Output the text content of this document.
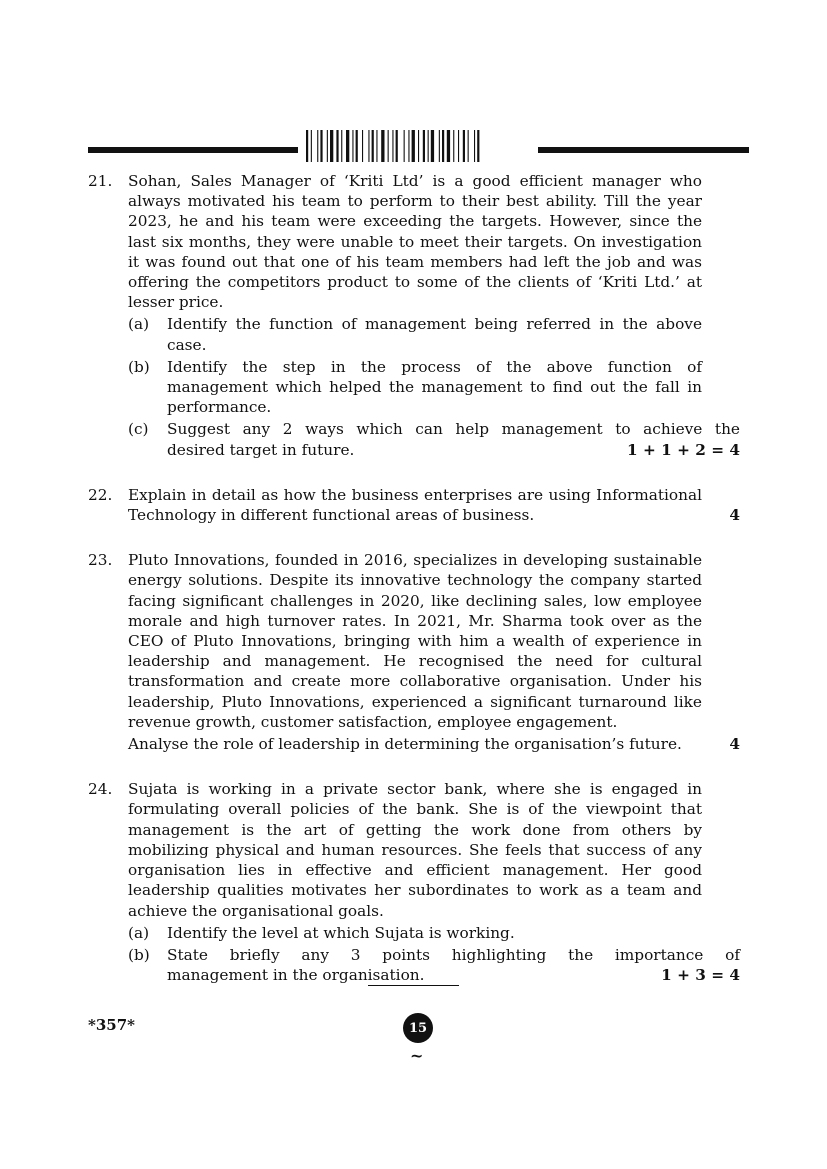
21.	Sohan, Sales Manager of ‘Kriti Ltd’ is a good efficient manager who always motivated his team to perform to their best ability. Till the year 2023, he and his team were exceeding the targets. However, since the last six months, they were unable to meet their targets. On investigation it was found out that one of his team members had left the job and was offering the competitors product to some of the clients of ‘Kriti Ltd.’ at lesser price.
(a)	Identify the function of management being referred in the above case.
(b)	Identify the step in the process of the above function of management which helped the management to find out the fall in performance.
(c)	Suggest any 2 ways which can help management to achieve the
desired target in future.	1 + 1 + 2 = 4
22.	Explain in detail as how the business enterprises are using Informational
Technology in different functional areas of business.	4
23.	Pluto Innovations, founded in 2016, specializes in developing sustainable energy solutions. Despite its innovative technology the company started facing significant challenges in 2020, like declining sales, low employee morale and high turnover rates. In 2021, Mr. Sharma took over as the CEO of Pluto Innovations, bringing with him a wealth of experience in leadership and management. He recognised the need for cultural transformation and create more collaborative organisation. Under his leadership, Pluto Innovations, experienced a significant turnaround like revenue growth, customer satisfaction, employee engagement.
Analyse the role of leadership in determining the organisation’s future.	4
24.	Sujata is working in a private sector bank, where she is engaged in formulating overall policies of the bank. She is of the viewpoint that management is the art of getting the work done from others by mobilizing physical and human resources. She feels that success of any organisation lies in effective and efficient management. Her good leadership qualities motivates her subordinates to work as a team and achieve the organisational goals.
(a)	Identify the level at which Sujata is working.
(b)	State briefly any 3 points highlighting the importance of
management in the organisation.	1 + 3 = 4
*357*	15
~
